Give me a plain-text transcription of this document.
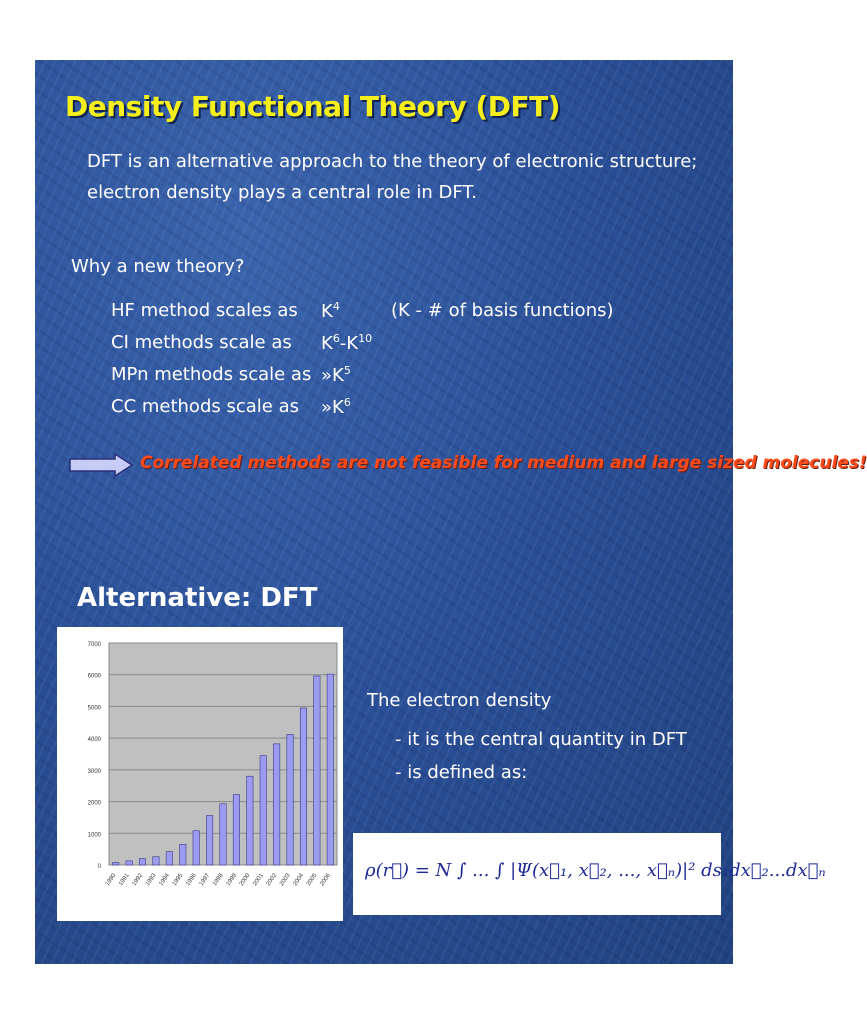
Density Functional Theory (DFT)
DFT is an alternative approach to the theory of electronic structure; electron density plays a central role in DFT.
Why a new theory?
HF method scales as $K^4$	(K - # of basis functions)
CI methods scale as $K^6-K^{10}$
MPn methods scale as $»K^5$
CC methods scale as $»K^6$
Correlated methods are not feasible for medium and large sized molecules!
Alternative: DFT
0
1000
2000
3000
4000
5000
6000
7000
1990 1991 1992 1993 1994 1995 1996 1997 1998 1999 2000 2001 2002 2003 2004 2005 2006
The electron density
- it is the central quantity in DFT
- is defined as:
ρ(r⃗) = N ∫ ... ∫ |Ψ(x⃗₁, x⃗₂, ..., x⃗ₙ)|² ds₁dx⃗₂...dx⃗ₙ
